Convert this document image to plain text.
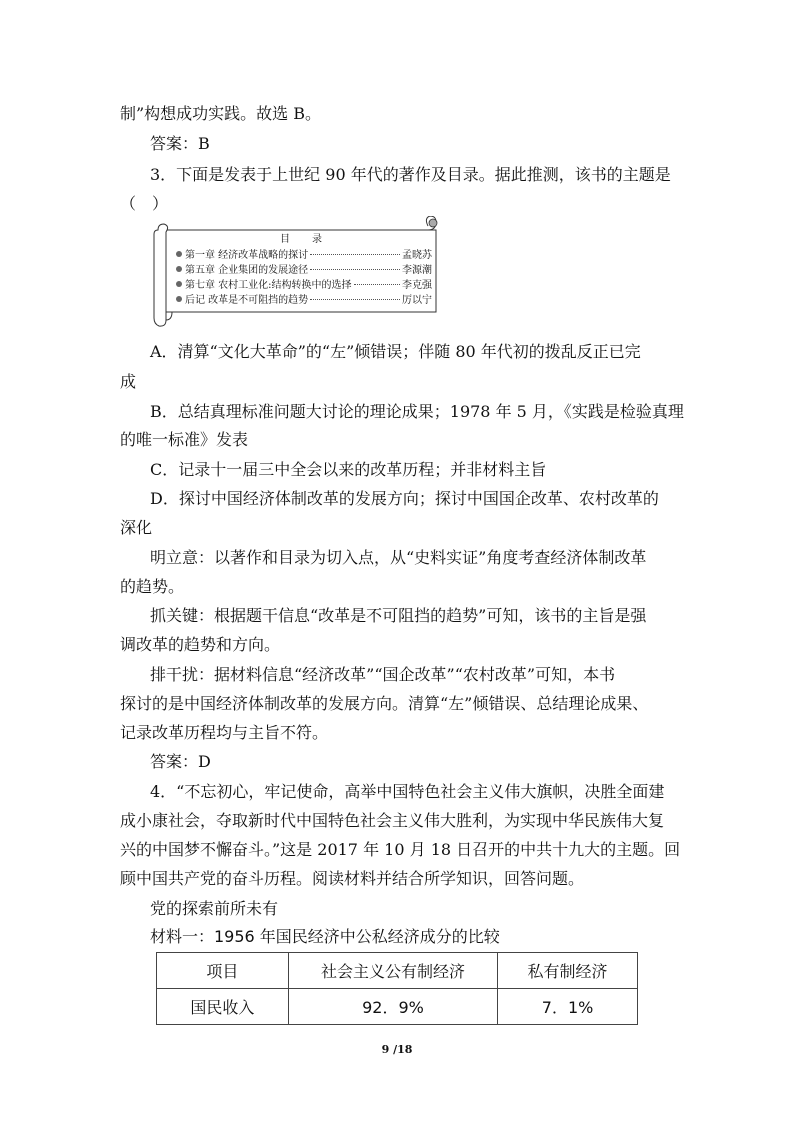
制”构想成功实践。故选 B。
答案：B
3．下面是发表于上世纪 90 年代的著作及目录。据此推测，该书的主题是
（　）
目　录
第一章 经济改革战略的探讨	孟晓苏
第五章 企业集团的发展途径	李源潮
第七章 农村工业化:结构转换中的选择	李克强
后记 改革是不可阻挡的趋势	厉以宁
A．清算“文化大革命”的“左”倾错误；伴随 80 年代初的拨乱反正已完
成
B．总结真理标准问题大讨论的理论成果；1978 年 5 月，《实践是检验真理
的唯一标准》发表
C．记录十一届三中全会以来的改革历程；并非材料主旨
D．探讨中国经济体制改革的发展方向；探讨中国国企改革、农村改革的
深化
明立意：以著作和目录为切入点，从“史料实证”角度考查经济体制改革
的趋势。
抓关键：根据题干信息“改革是不可阻挡的趋势”可知，该书的主旨是强
调改革的趋势和方向。
排干扰：据材料信息“经济改革”“国企改革”“农村改革”可知，本书
探讨的是中国经济体制改革的发展方向。清算“左”倾错误、总结理论成果、
记录改革历程均与主旨不符。
答案：D
4．“不忘初心，牢记使命，高举中国特色社会主义伟大旗帜，决胜全面建
成小康社会，夺取新时代中国特色社会主义伟大胜利，为实现中华民族伟大复
兴的中国梦不懈奋斗。”这是 2017 年 10 月 18 日召开的中共十九大的主题。回
顾中国共产党的奋斗历程。阅读材料并结合所学知识，回答问题。
党的探索前所未有
材料一：1956 年国民经济中公私经济成分的比较
项目	社会主义公有制经济	私有制经济
国民收入	92．9%	7．1%
9 /18
